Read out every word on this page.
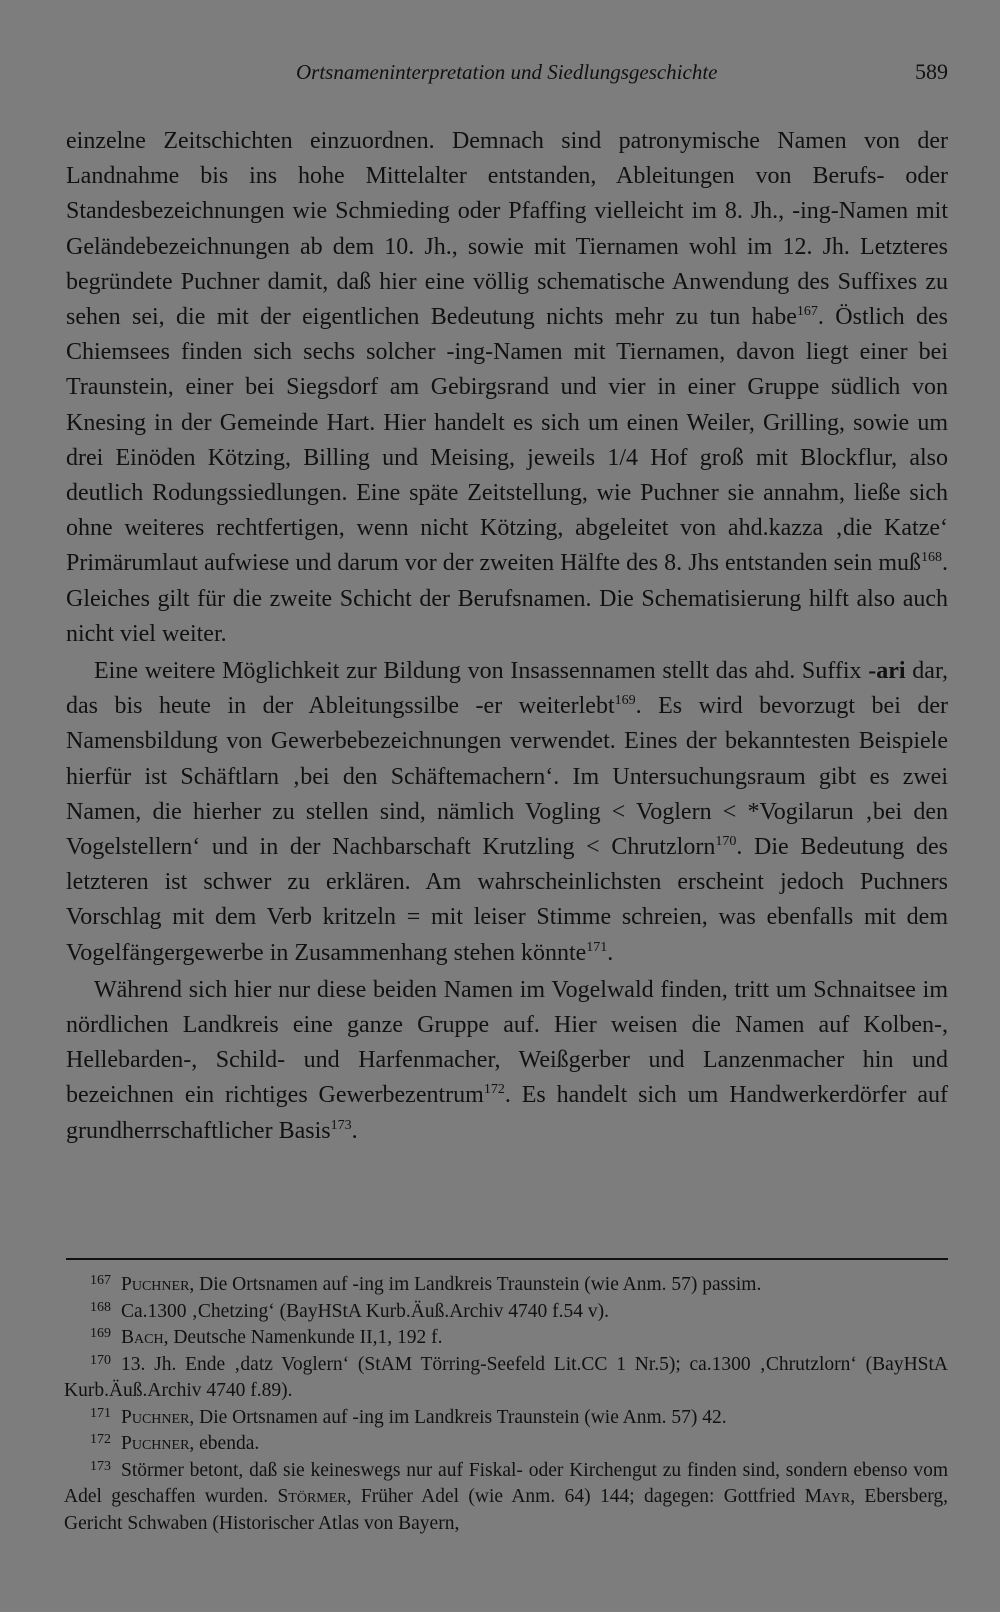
Ortsnameninterpretation und Siedlungsgeschichte	589

einzelne Zeitschichten einzuordnen. Demnach sind patronymische Namen von der Landnahme bis ins hohe Mittelalter entstanden, Ableitungen von Berufs- oder Standesbezeichnungen wie Schmieding oder Pfaffing vielleicht im 8. Jh., -ing-Namen mit Geländebezeichnungen ab dem 10. Jh., sowie mit Tiernamen wohl im 12. Jh. Letzteres begründete Puchner damit, daß hier eine völlig schematische Anwendung des Suffixes zu sehen sei, die mit der eigentlichen Bedeutung nichts mehr zu tun habe$^{167}$. Östlich des Chiemsees finden sich sechs solcher -ing-Namen mit Tiernamen, davon liegt einer bei Traunstein, einer bei Siegsdorf am Gebirgsrand und vier in einer Gruppe südlich von Knesing in der Gemeinde Hart. Hier handelt es sich um einen Weiler, Grilling, sowie um drei Einöden Kötzing, Billing und Meising, jeweils 1/4 Hof groß mit Blockflur, also deutlich Rodungssiedlungen. Eine späte Zeitstellung, wie Puchner sie annahm, ließe sich ohne weiteres rechtfertigen, wenn nicht Kötzing, abgeleitet von ahd.kazza ‚die Katze‘ Primärumlaut aufwiese und darum vor der zweiten Hälfte des 8. Jhs entstanden sein muß$^{168}$. Gleiches gilt für die zweite Schicht der Berufsnamen. Die Schematisierung hilft also auch nicht viel weiter.

Eine weitere Möglichkeit zur Bildung von Insassennamen stellt das ahd. Suffix -ari dar, das bis heute in der Ableitungssilbe -er weiterlebt$^{169}$. Es wird bevorzugt bei der Namensbildung von Gewerbebezeichnungen verwendet. Eines der bekanntesten Beispiele hierfür ist Schäftlarn ‚bei den Schäftemachern‘. Im Untersuchungsraum gibt es zwei Namen, die hierher zu stellen sind, nämlich Vogling < Voglern < *Vogilarun ‚bei den Vogelstellern‘ und in der Nachbarschaft Krutzling < Chrutzlorn$^{170}$. Die Bedeutung des letzteren ist schwer zu erklären. Am wahrscheinlichsten erscheint jedoch Puchners Vorschlag mit dem Verb kritzeln = mit leiser Stimme schreien, was ebenfalls mit dem Vogelfängergewerbe in Zusammenhang stehen könnte$^{171}$.

Während sich hier nur diese beiden Namen im Vogelwald finden, tritt um Schnaitsee im nördlichen Landkreis eine ganze Gruppe auf. Hier weisen die Namen auf Kolben-, Hellebarden-, Schild- und Harfenmacher, Weißgerber und Lanzenmacher hin und bezeichnen ein richtiges Gewerbezentrum$^{172}$. Es handelt sich um Handwerkerdörfer auf grundherrschaftlicher Basis$^{173}$.

$^{167}$ Puchner, Die Ortsnamen auf -ing im Landkreis Traunstein (wie Anm. 57) passim.

$^{168}$ Ca.1300 ‚Chetzing‘ (BayHStA Kurb.Äuß.Archiv 4740 f.54 v).

$^{169}$ Bach, Deutsche Namenkunde II,1, 192 f.

$^{170}$ 13. Jh. Ende ‚datz Voglern‘ (StAM Törring-Seefeld Lit.CC 1 Nr.5); ca.1300 ‚Chrutzlorn‘ (BayHStA Kurb.Äuß.Archiv 4740 f.89).

$^{171}$ Puchner, Die Ortsnamen auf -ing im Landkreis Traunstein (wie Anm. 57) 42.

$^{172}$ Puchner, ebenda.

$^{173}$ Störmer betont, daß sie keineswegs nur auf Fiskal- oder Kirchengut zu finden sind, sondern ebenso vom Adel geschaffen wurden. Störmer, Früher Adel (wie Anm. 64) 144; dagegen: Gottfried Mayr, Ebersberg, Gericht Schwaben (Historischer Atlas von Bayern,
